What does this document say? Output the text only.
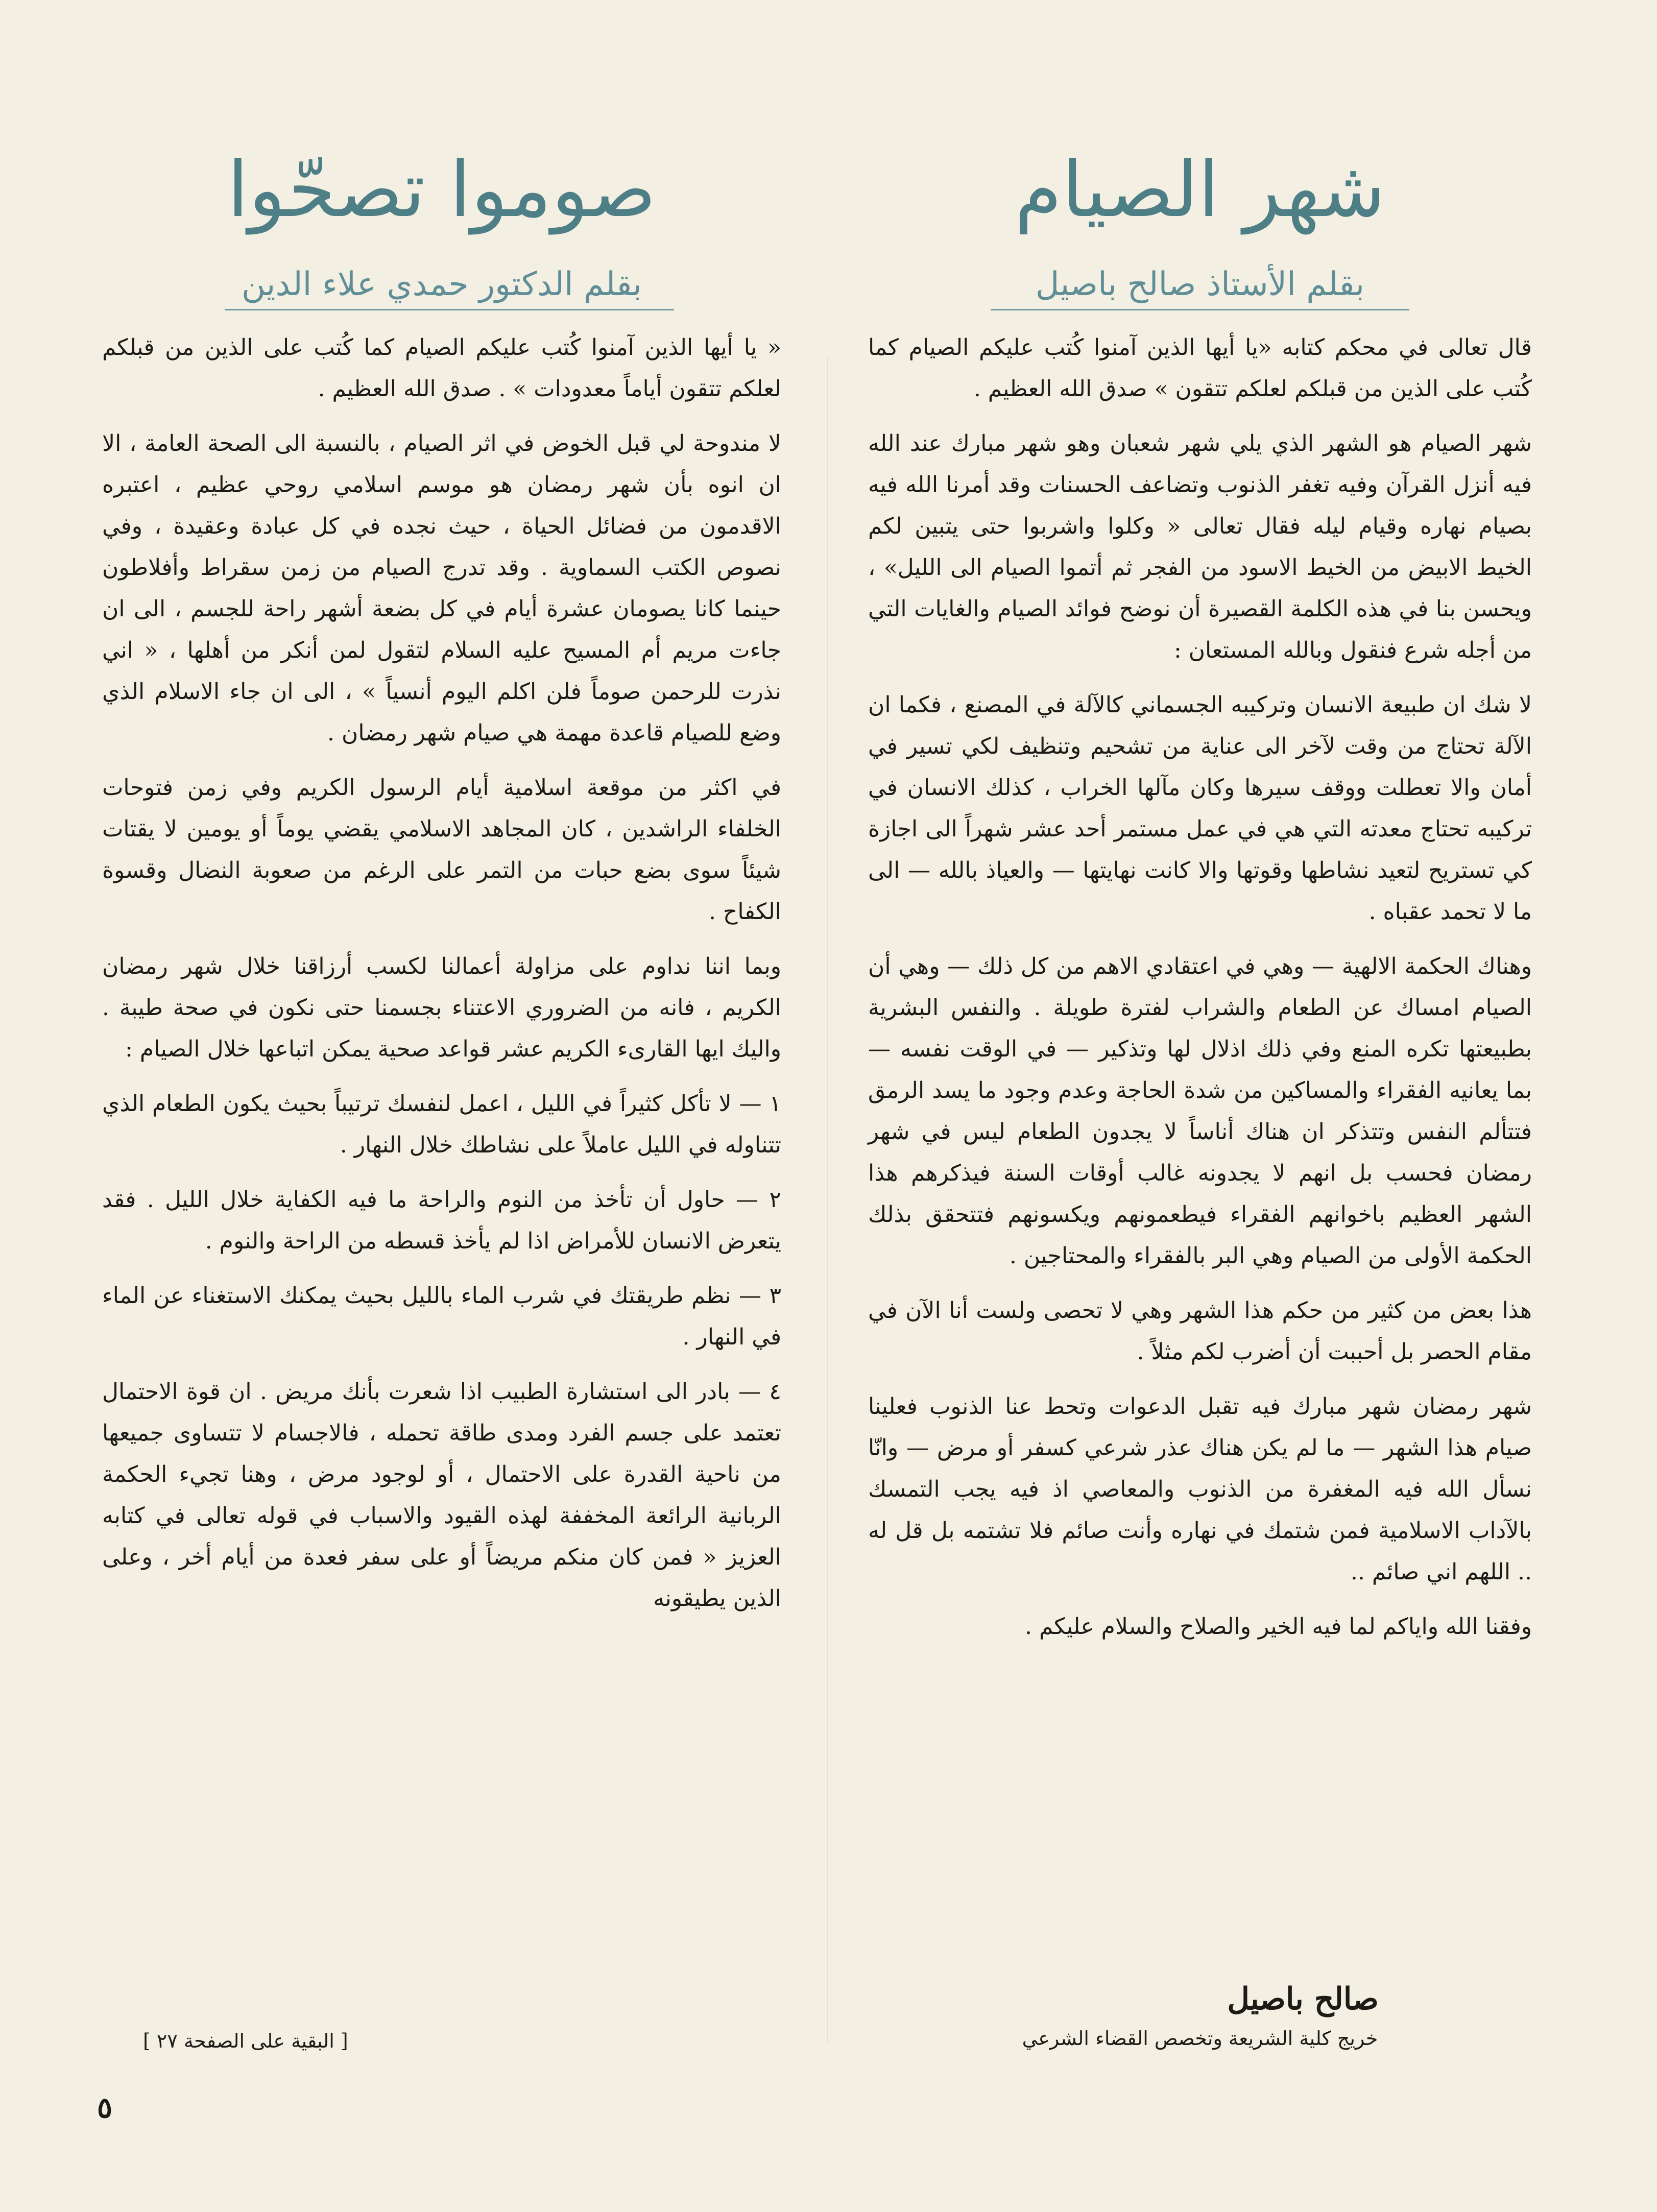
شهر الصيام
بقلم الأستاذ صالح باصيل

قال تعالى في محكم كتابه «يا أيها الذين آمنوا كُتب عليكم الصيام كما كُتب على الذين من قبلكم لعلكم تتقون » صدق الله العظيم .

شهر الصيام هو الشهر الذي يلي شهر شعبان وهو شهر مبارك عند الله فيه أنزل القرآن وفيه تغفر الذنوب وتضاعف الحسنات وقد أمرنا الله فيه بصيام نهاره وقيام ليله فقال تعالى « وكلوا واشربوا حتى يتبين لكم الخيط الابيض من الخيط الاسود من الفجر ثم أتموا الصيام الى الليل» ، ويحسن بنا في هذه الكلمة القصيرة أن نوضح فوائد الصيام والغايات التي من أجله شرع فنقول وبالله المستعان :

لا شك ان طبيعة الانسان وتركيبه الجسماني كالآلة في المصنع ، فكما ان الآلة تحتاج من وقت لآخر الى عناية من تشحيم وتنظيف لكي تسير في أمان والا تعطلت ووقف سيرها وكان مآلها الخراب ، كذلك الانسان في تركيبه تحتاج معدته التي هي في عمل مستمر أحد عشر شهراً الى اجازة كي تستريح لتعيد نشاطها وقوتها والا كانت نهايتها — والعياذ بالله — الى ما لا تحمد عقباه .

وهناك الحكمة الالهية — وهي في اعتقادي الاهم من كل ذلك — وهي أن الصيام امساك عن الطعام والشراب لفترة طويلة . والنفس البشرية بطبيعتها تكره المنع وفي ذلك اذلال لها وتذكير — في الوقت نفسه — بما يعانيه الفقراء والمساكين من شدة الحاجة وعدم وجود ما يسد الرمق فتتألم النفس وتتذكر ان هناك أناساً لا يجدون الطعام ليس في شهر رمضان فحسب بل انهم لا يجدونه غالب أوقات السنة فيذكرهم هذا الشهر العظيم باخوانهم الفقراء فيطعمونهم ويكسونهم فتتحقق بذلك الحكمة الأولى من الصيام وهي البر بالفقراء والمحتاجين .

هذا بعض من كثير من حكم هذا الشهر وهي لا تحصى ولست أنا الآن في مقام الحصر بل أحببت أن أضرب لكم مثلاً .

شهر رمضان شهر مبارك فيه تقبل الدعوات وتحط عنا الذنوب فعلينا صيام هذا الشهر — ما لم يكن هناك عذر شرعي كسفر أو مرض — وانّا نسأل الله فيه المغفرة من الذنوب والمعاصي اذ فيه يجب التمسك بالآداب الاسلامية فمن شتمك في نهاره وأنت صائم فلا تشتمه بل قل له .. اللهم اني صائم ..

وفقنا الله واياكم لما فيه الخير والصلاح والسلام عليكم .

صالح باصيل
خريج كلية الشريعة وتخصص القضاء الشرعي
صوموا تصحّوا
بقلم الدكتور حمدي علاء الدين

« يا أيها الذين آمنوا كُتب عليكم الصيام كما كُتب على الذين من قبلكم لعلكم تتقون أياماً معدودات » . صدق الله العظيم .

لا مندوحة لي قبل الخوض في اثر الصيام ، بالنسبة الى الصحة العامة ، الا ان انوه بأن شهر رمضان هو موسم اسلامي روحي عظيم ، اعتبره الاقدمون من فضائل الحياة ، حيث نجده في كل عبادة وعقيدة ، وفي نصوص الكتب السماوية . وقد تدرج الصيام من زمن سقراط وأفلاطون حينما كانا يصومان عشرة أيام في كل بضعة أشهر راحة للجسم ، الى ان جاءت مريم أم المسيح عليه السلام لتقول لمن أنكر من أهلها ، « اني نذرت للرحمن صوماً فلن اكلم اليوم أنسياً » ، الى ان جاء الاسلام الذي وضع للصيام قاعدة مهمة هي صيام شهر رمضان .

في اكثر من موقعة اسلامية أيام الرسول الكريم وفي زمن فتوحات الخلفاء الراشدين ، كان المجاهد الاسلامي يقضي يوماً أو يومين لا يقتات شيئاً سوى بضع حبات من التمر على الرغم من صعوبة النضال وقسوة الكفاح .

وبما اننا نداوم على مزاولة أعمالنا لكسب أرزاقنا خلال شهر رمضان الكريم ، فانه من الضروري الاعتناء بجسمنا حتى نكون في صحة طيبة . واليك ايها القارىء الكريم عشر قواعد صحية يمكن اتباعها خلال الصيام :

١ — لا تأكل كثيراً في الليل ، اعمل لنفسك ترتيباً بحيث يكون الطعام الذي تتناوله في الليل عاملاً على نشاطك خلال النهار .

٢ — حاول أن تأخذ من النوم والراحة ما فيه الكفاية خلال الليل . فقد يتعرض الانسان للأمراض اذا لم يأخذ قسطه من الراحة والنوم .

٣ — نظم طريقتك في شرب الماء بالليل بحيث يمكنك الاستغناء عن الماء في النهار .

٤ — بادر الى استشارة الطبيب اذا شعرت بأنك مريض . ان قوة الاحتمال تعتمد على جسم الفرد ومدى طاقة تحمله ، فالاجسام لا تتساوى جميعها من ناحية القدرة على الاحتمال ، أو لوجود مرض ، وهنا تجيء الحكمة الربانية الرائعة المخففة لهذه القيود والاسباب في قوله تعالى في كتابه العزيز « فمن كان منكم مريضاً أو على سفر فعدة من أيام أخر ، وعلى الذين يطيقونه

[ البقية على الصفحة ٢٧ ]
٥
